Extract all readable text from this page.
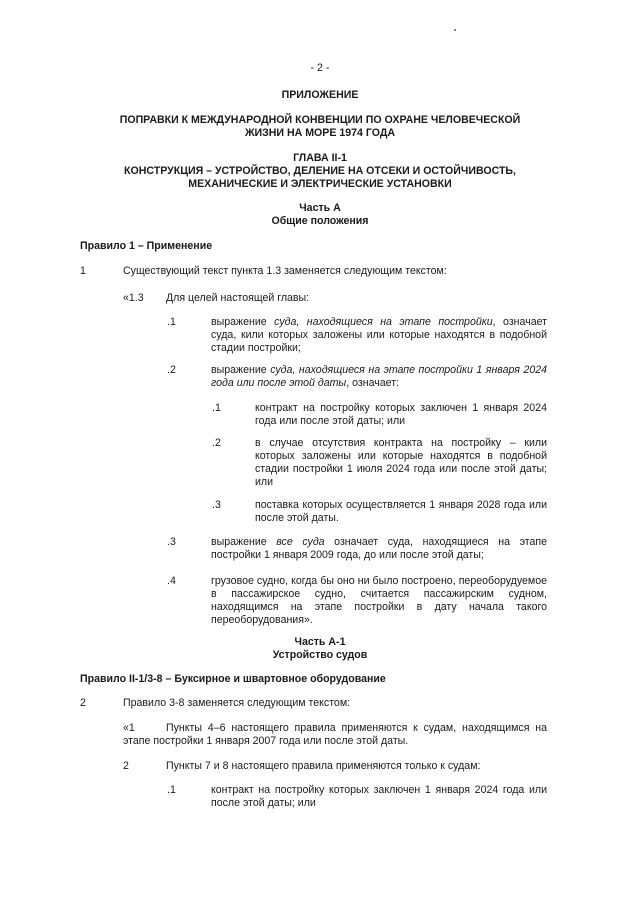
- 2 -
ПРИЛОЖЕНИЕ
ПОПРАВКИ К МЕЖДУНАРОДНОЙ КОНВЕНЦИИ ПО ОХРАНЕ ЧЕЛОВЕЧЕСКОЙ
ЖИЗНИ НА МОРЕ 1974 ГОДА
ГЛАВА II-1
КОНСТРУКЦИЯ – УСТРОЙСТВО, ДЕЛЕНИЕ НА ОТСЕКИ И ОСТОЙЧИВОСТЬ,
МЕХАНИЧЕСКИЕ И ЭЛЕКТРИЧЕСКИЕ УСТАНОВКИ
Часть А
Общие положения
Правило 1 – Применение
1	Существующий текст пункта 1.3 заменяется следующим текстом:
«1.3 Для целей настоящей главы:
.1	выражение суда, находящиеся на этапе постройки, означает суда, кили которых заложены или которые находятся в подобной стадии постройки;
.2	выражение суда, находящиеся на этапе постройки 1 января 2024 года или после этой даты, означает:
.1	контракт на постройку которых заключен 1 января 2024 года или после этой даты; или
.2	в случае отсутствия контракта на постройку – кили которых заложены или которые находятся в подобной стадии постройки 1 июля 2024 года или после этой даты; или
.3	поставка которых осуществляется 1 января 2028 года или после этой даты.
.3	выражение все суда означает суда, находящиеся на этапе постройки 1 января 2009 года, до или после этой даты;
.4	грузовое судно, когда бы оно ни было построено, переоборудуемое в пассажирское судно, считается пассажирским судном, находящимся на этапе постройки в дату начала такого переоборудования».
Часть А-1
Устройство судов
Правило II-1/3-8 – Буксирное и швартовное оборудование
2	Правило 3-8 заменяется следующим текстом:
«1	Пункты 4–6 настоящего правила применяются к судам, находящимся на этапе постройки 1 января 2007 года или после этой даты.
2	Пункты 7 и 8 настоящего правила применяются только к судам:
.1	контракт на постройку которых заключен 1 января 2024 года или после этой даты; или
